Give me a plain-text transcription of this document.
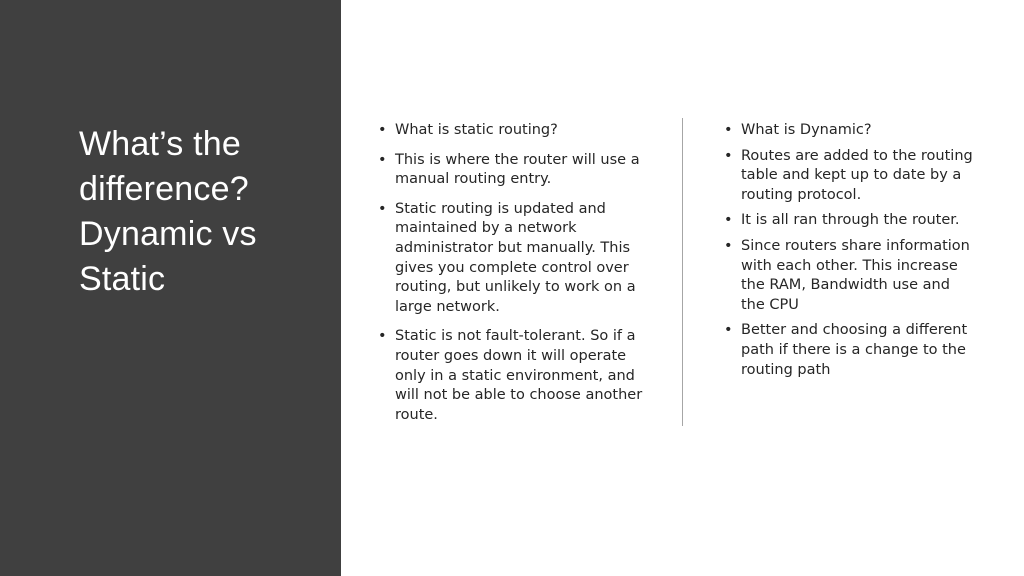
What’s the
difference?
Dynamic vs
Static
• What is static routing?
• This is where the router will use a manual routing entry.
• Static routing is updated and maintained by a network administrator but manually. This gives you complete control over routing, but unlikely to work on a large network.
• Static is not fault-tolerant. So if a router goes down it will operate only in a static environment, and will not be able to choose another route.
• What is Dynamic?
• Routes are added to the routing table and kept up to date by a routing protocol.
• It is all ran through the router.
• Since routers share information with each other. This increase the RAM, Bandwidth use and the CPU
• Better and choosing a different path if there is a change to the routing path
